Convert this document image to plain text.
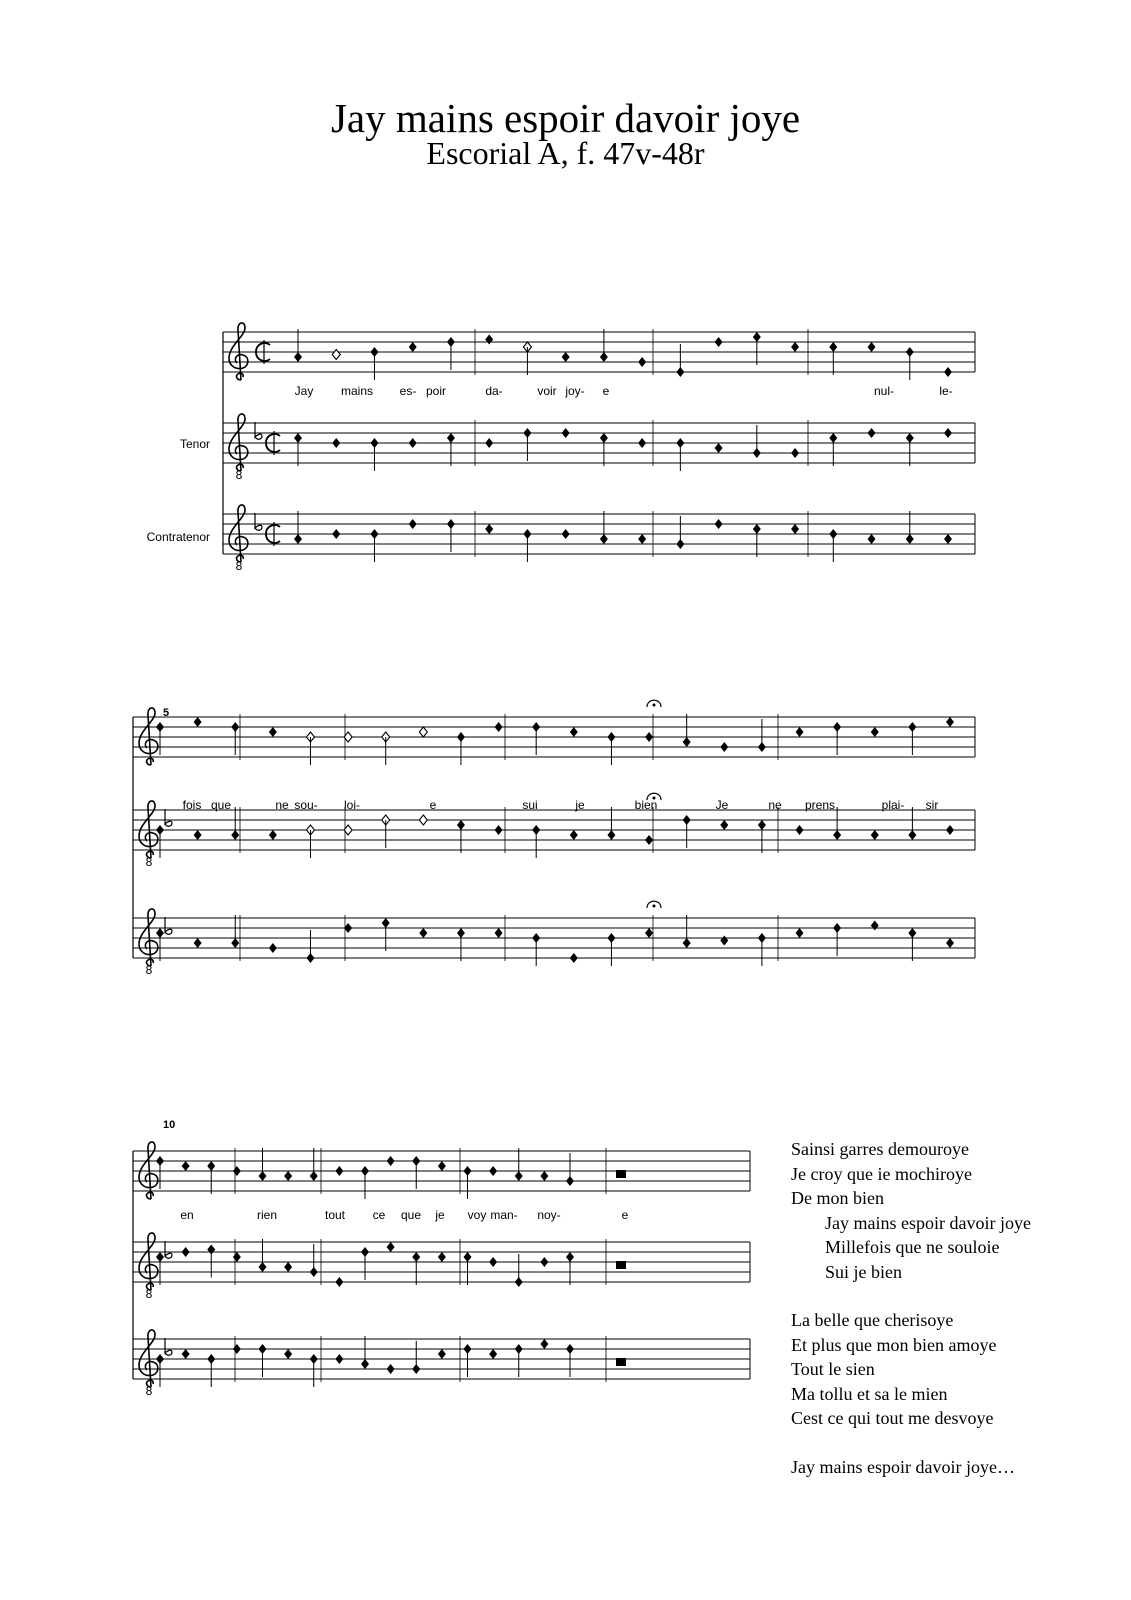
Jay mains espoir davoir joye
Escorial A, f. 47v-48r
8
8
8
8
8
8
Tenor
Contratenor
5
10
Jay mains es- poir	da-	voir joy- e	nul-	le-
fois que	ne sou- loi-	e	sui	je	bien	Je	ne prens	plai- sir
en	rien	tout ce que je voy man- noy-	e
Sainsi garres demouroye
Je croy que ie mochiroye
De mon bien
Jay mains espoir davoir joye
Millefois que ne souloie
Sui je bien
La belle que cherisoye
Et plus que mon bien amoye
Tout le sien
Ma tollu et sa le mien
Cest ce qui tout me desvoye
Jay mains espoir davoir joye…
